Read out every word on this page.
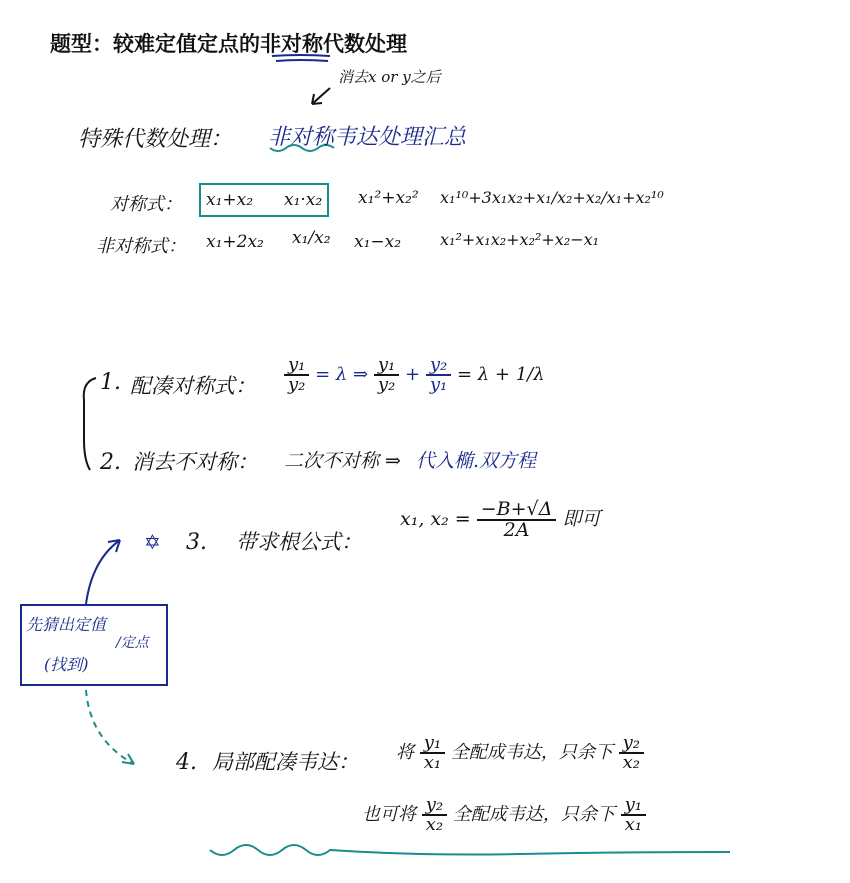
题型：较难定值定点的非对称代数处理
消去x or y之后
特殊代数处理： 非对称韦达处理汇总
对称式： x₁+x₂ x₁·x₂ x₁²+x₂² x₁¹⁰+3x₁x₂+x₁/x₂+x₂/x₁+x₂¹⁰
非对称式： x₁+2x₂ x₁/x₂ x₁−x₂ x₁²+x₁x₂+x₂²+x₂−x₁
1. 配凑对称式： $\frac{\text{y₁}}{\text{y₂}} = \lambda$ ⇒ $\frac{\text{y₁}}{\text{y₂}} + \frac{\text{y₂}}{\text{y₁}} = \lambda + 1/\lambda$
2. 消去不对称： 二次不对称 ⇒ 代入椭.双方程
✡ 3. 带求根公式：
x₁, $x_2 = \frac{-B+√\Delta}{2A}$ 即可
先猜出定值
/定点
(找到)
4. 局部配凑韦达： 将 $\frac{\text{y₁}}{\text{x₁}}$ 全配成韦达，只余下 $\frac{\text{y₂}}{\text{x₂}}$
也可将 $\frac{\text{y₂}}{\text{x₂}}$ 全配成韦达，只余下 $\frac{\text{y₁}}{\text{x₁}}$
